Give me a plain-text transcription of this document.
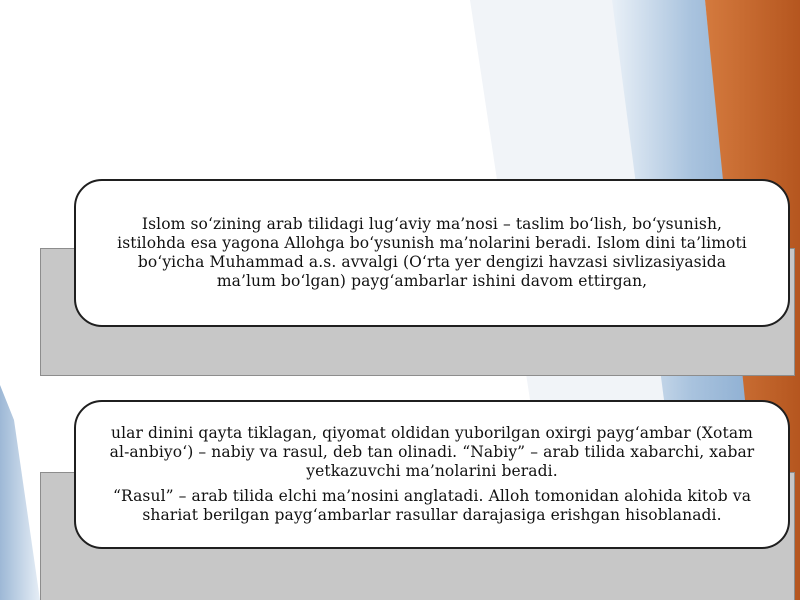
Islom so‘zining arab tilidagi lug‘aviy ma’nosi – taslim bo‘lish, bo‘ysunish, istilohda esa yagona Allohga bo‘ysunish ma’nolarini beradi. Islom dini ta’limoti bo‘yicha Muhammad a.s. avvalgi (O‘rta yer dengizi havzasi sivlizasiyasida ma’lum bo‘lgan) payg‘ambarlar ishini davom ettirgan,

ular dinini qayta tiklagan, qiyomat oldidan yuborilgan oxirgi payg‘ambar (Xotam al-anbiyo‘) – nabiy va rasul, deb tan olinadi. “Nabiy” – arab tilida xabarchi, xabar yetkazuvchi ma’nolarini beradi.

“Rasul” – arab tilida elchi ma’nosini anglatadi. Alloh tomonidan alohida kitob va shariat berilgan payg‘ambarlar rasullar darajasiga erishgan hisoblanadi.
